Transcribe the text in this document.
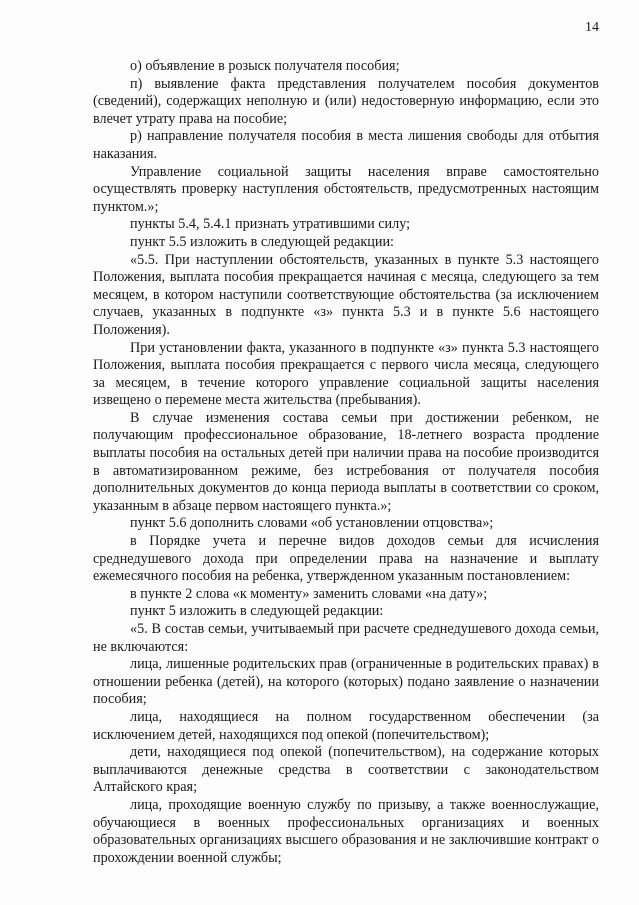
14

о) объявление в розыск получателя пособия;

п) выявление факта представления получателем пособия документов (сведений), содержащих неполную и (или) недостоверную информацию, если это влечет утрату права на пособие;

р) направление получателя пособия в места лишения свободы для отбытия наказания.

Управление социальной защиты населения вправе самостоятельно осуществлять проверку наступления обстоятельств, предусмотренных настоящим пунктом.»;

пункты 5.4, 5.4.1 признать утратившими силу;

пункт 5.5 изложить в следующей редакции:

«5.5. При наступлении обстоятельств, указанных в пункте 5.3 настоящего Положения, выплата пособия прекращается начиная с месяца, следующего за тем месяцем, в котором наступили соответствующие обстоятельства (за исключением случаев, указанных в подпункте «з» пункта 5.3 и в пункте 5.6 настоящего Положения).

При установлении факта, указанного в подпункте «з» пункта 5.3 настоящего Положения, выплата пособия прекращается с первого числа месяца, следующего за месяцем, в течение которого управление социальной защиты населения извещено о перемене места жительства (пребывания).

В случае изменения состава семьи при достижении ребенком, не получающим профессиональное образование, 18-летнего возраста продление выплаты пособия на остальных детей при наличии права на пособие производится в автоматизированном режиме, без истребования от получателя пособия дополнительных документов до конца периода выплаты в соответствии со сроком, указанным в абзаце первом настоящего пункта.»;

пункт 5.6 дополнить словами «об установлении отцовства»;

в Порядке учета и перечне видов доходов семьи для исчисления среднедушевого дохода при определении права на назначение и выплату ежемесячного пособия на ребенка, утвержденном указанным постановлением:

в пункте 2 слова «к моменту» заменить словами «на дату»;

пункт 5 изложить в следующей редакции:

«5. В состав семьи, учитываемый при расчете среднедушевого дохода семьи, не включаются:

лица, лишенные родительских прав (ограниченные в родительских правах) в отношении ребенка (детей), на которого (которых) подано заявление о назначении пособия;

лица, находящиеся на полном государственном обеспечении (за исключением детей, находящихся под опекой (попечительством);

дети, находящиеся под опекой (попечительством), на содержание которых выплачиваются денежные средства в соответствии с законодательством Алтайского края;

лица, проходящие военную службу по призыву, а также военнослужащие, обучающиеся в военных профессиональных организациях и военных образовательных организациях высшего образования и не заключившие контракт о прохождении военной службы;
